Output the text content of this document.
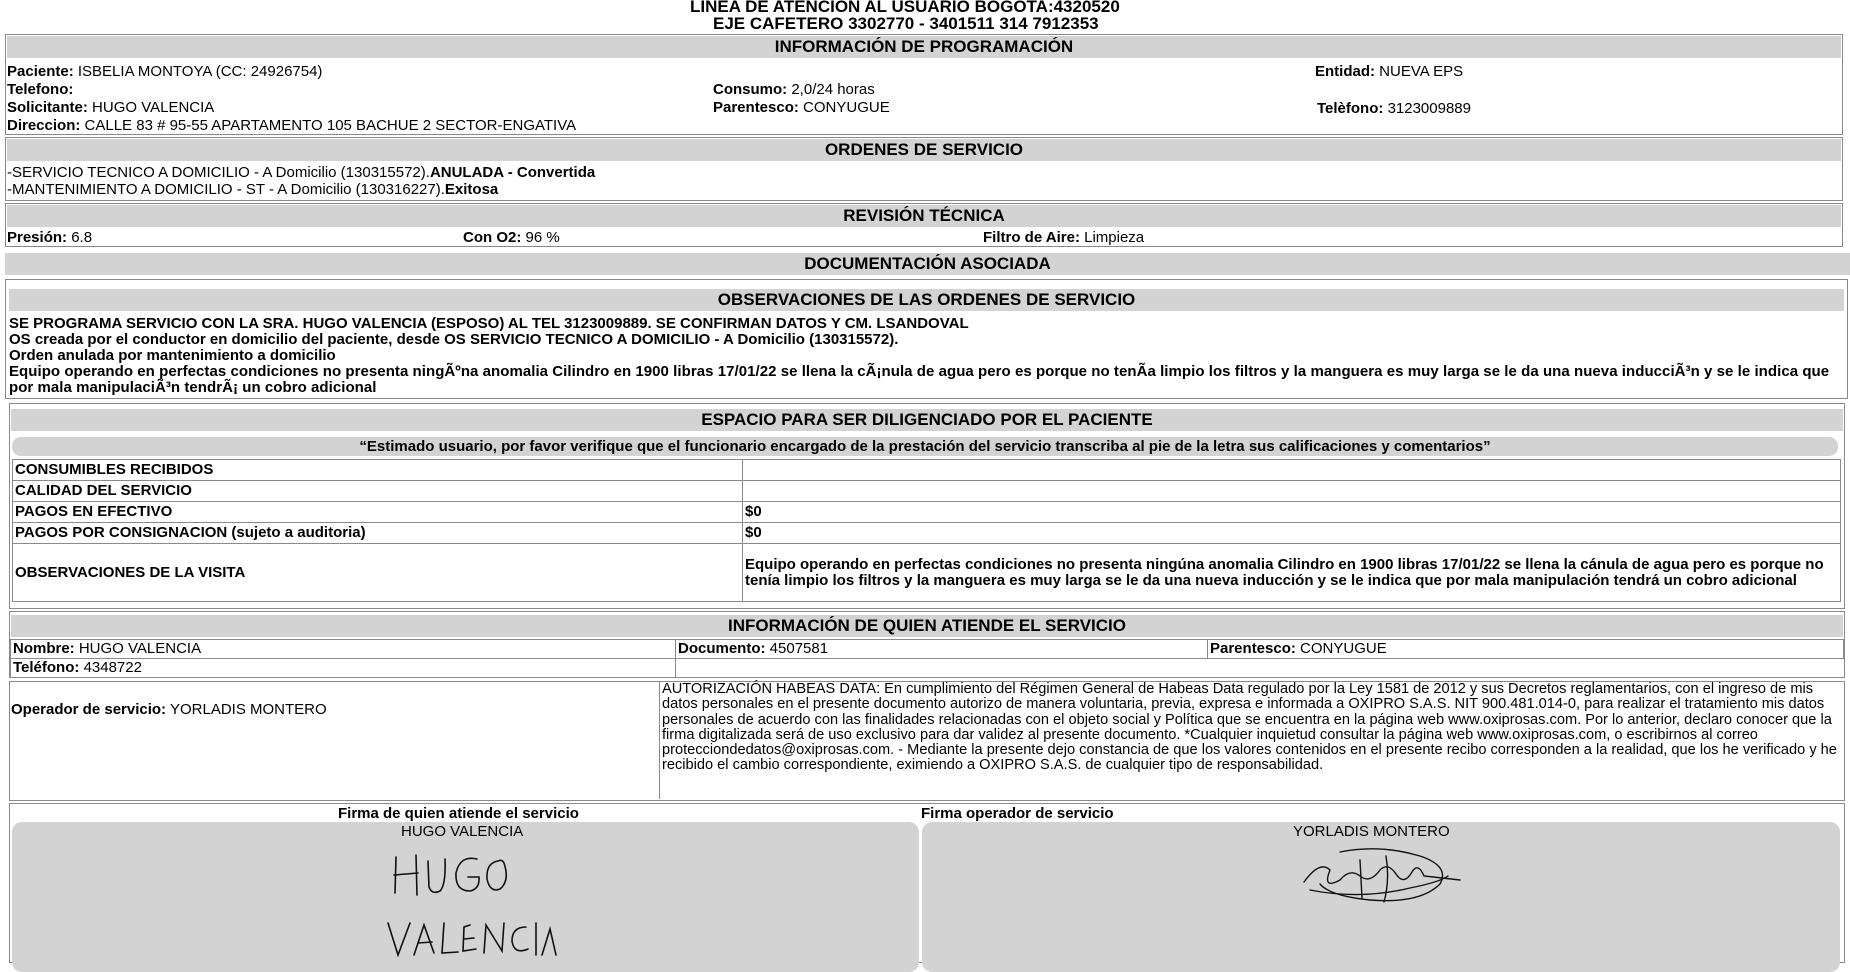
LINEA DE ATENCION AL USUARIO BOGOTA:4320520
EJE CAFETERO 3302770 - 3401511 314 7912353
INFORMACIÓN DE PROGRAMACIÓN
Paciente: ISBELIA MONTOYA (CC: 24926754)	Entidad: NUEVA EPS
Telefono:	Consumo: 2,0/24 horas
Solicitante: HUGO VALENCIA	Parentesco: CONYUGUE	Telèfono: 3123009889
Direccion: CALLE 83 # 95-55 APARTAMENTO 105 BACHUE 2 SECTOR-ENGATIVA
ORDENES DE SERVICIO
-SERVICIO TECNICO A DOMICILIO - A Domicilio (130315572).ANULADA - Convertida
-MANTENIMIENTO A DOMICILIO - ST - A Domicilio (130316227).Exitosa
REVISIÓN TÉCNICA
Presión: 6.8	Con O2: 96 %	Filtro de Aire: Limpieza
DOCUMENTACIÓN ASOCIADA
OBSERVACIONES DE LAS ORDENES DE SERVICIO
SE PROGRAMA SERVICIO CON LA SRA. HUGO VALENCIA (ESPOSO) AL TEL 3123009889. SE CONFIRMAN DATOS Y CM. LSANDOVAL
OS creada por el conductor en domicilio del paciente, desde OS SERVICIO TECNICO A DOMICILIO - A Domicilio (130315572).
Orden anulada por mantenimiento a domicilio
Equipo operando en perfectas condiciones no presenta ningÃºna anomalia Cilindro en 1900 libras 17/01/22 se llena la cÃ¡nula de agua pero es porque no tenÃa limpio los filtros y la manguera es muy larga se le da una nueva inducciÃ³n y se le indica que por mala manipulaciÃ³n tendrÃ¡ un cobro adicional
ESPACIO PARA SER DILIGENCIADO POR EL PACIENTE
“Estimado usuario, por favor verifique que el funcionario encargado de la prestación del servicio transcriba al pie de la letra sus calificaciones y comentarios”
CONSUMIBLES RECIBIDOS	
CALIDAD DEL SERVICIO	
PAGOS EN EFECTIVO	$0
PAGOS POR CONSIGNACION (sujeto a auditoria)	$0
OBSERVACIONES DE LA VISITA	Equipo operando en perfectas condiciones no presenta ningúna anomalia Cilindro en 1900 libras 17/01/22 se llena la cánula de agua pero es porque no tenía limpio los filtros y la manguera es muy larga se le da una nueva inducción y se le indica que por mala manipulación tendrá un cobro adicional
INFORMACIÓN DE QUIEN ATIENDE EL SERVICIO
Nombre: HUGO VALENCIA	Documento: 4507581	Parentesco: CONYUGUE
Teléfono: 4348722		
Operador de servicio: YORLADIS MONTERO
AUTORIZACIÓN HABEAS DATA: En cumplimiento del Régimen General de Habeas Data regulado por la Ley 1581 de 2012 y sus Decretos reglamentarios, con el ingreso de mis datos personales en el presente documento autorizo de manera voluntaria, previa, expresa e informada a OXIPRO S.A.S. NIT 900.481.014-0, para realizar el tratamiento mis datos personales de acuerdo con las finalidades relacionadas con el objeto social y Política que se encuentra en la página web www.oxiprosas.com. Por lo anterior, declaro conocer que la firma digitalizada será de uso exclusivo para dar validez al presente documento. *Cualquier inquietud consultar la página web www.oxiprosas.com, o escribirnos al correo protecciondedatos@oxiprosas.com. - Mediante la presente dejo constancia de que los valores contenidos en el presente recibo corresponden a la realidad, que los he verificado y he recibido el cambio correspondiente, eximiendo a OXIPRO S.A.S. de cualquier tipo de responsabilidad.
Firma de quien atiende el servicio	Firma operador de servicio
HUGO VALENCIA	YORLADIS MONTERO
